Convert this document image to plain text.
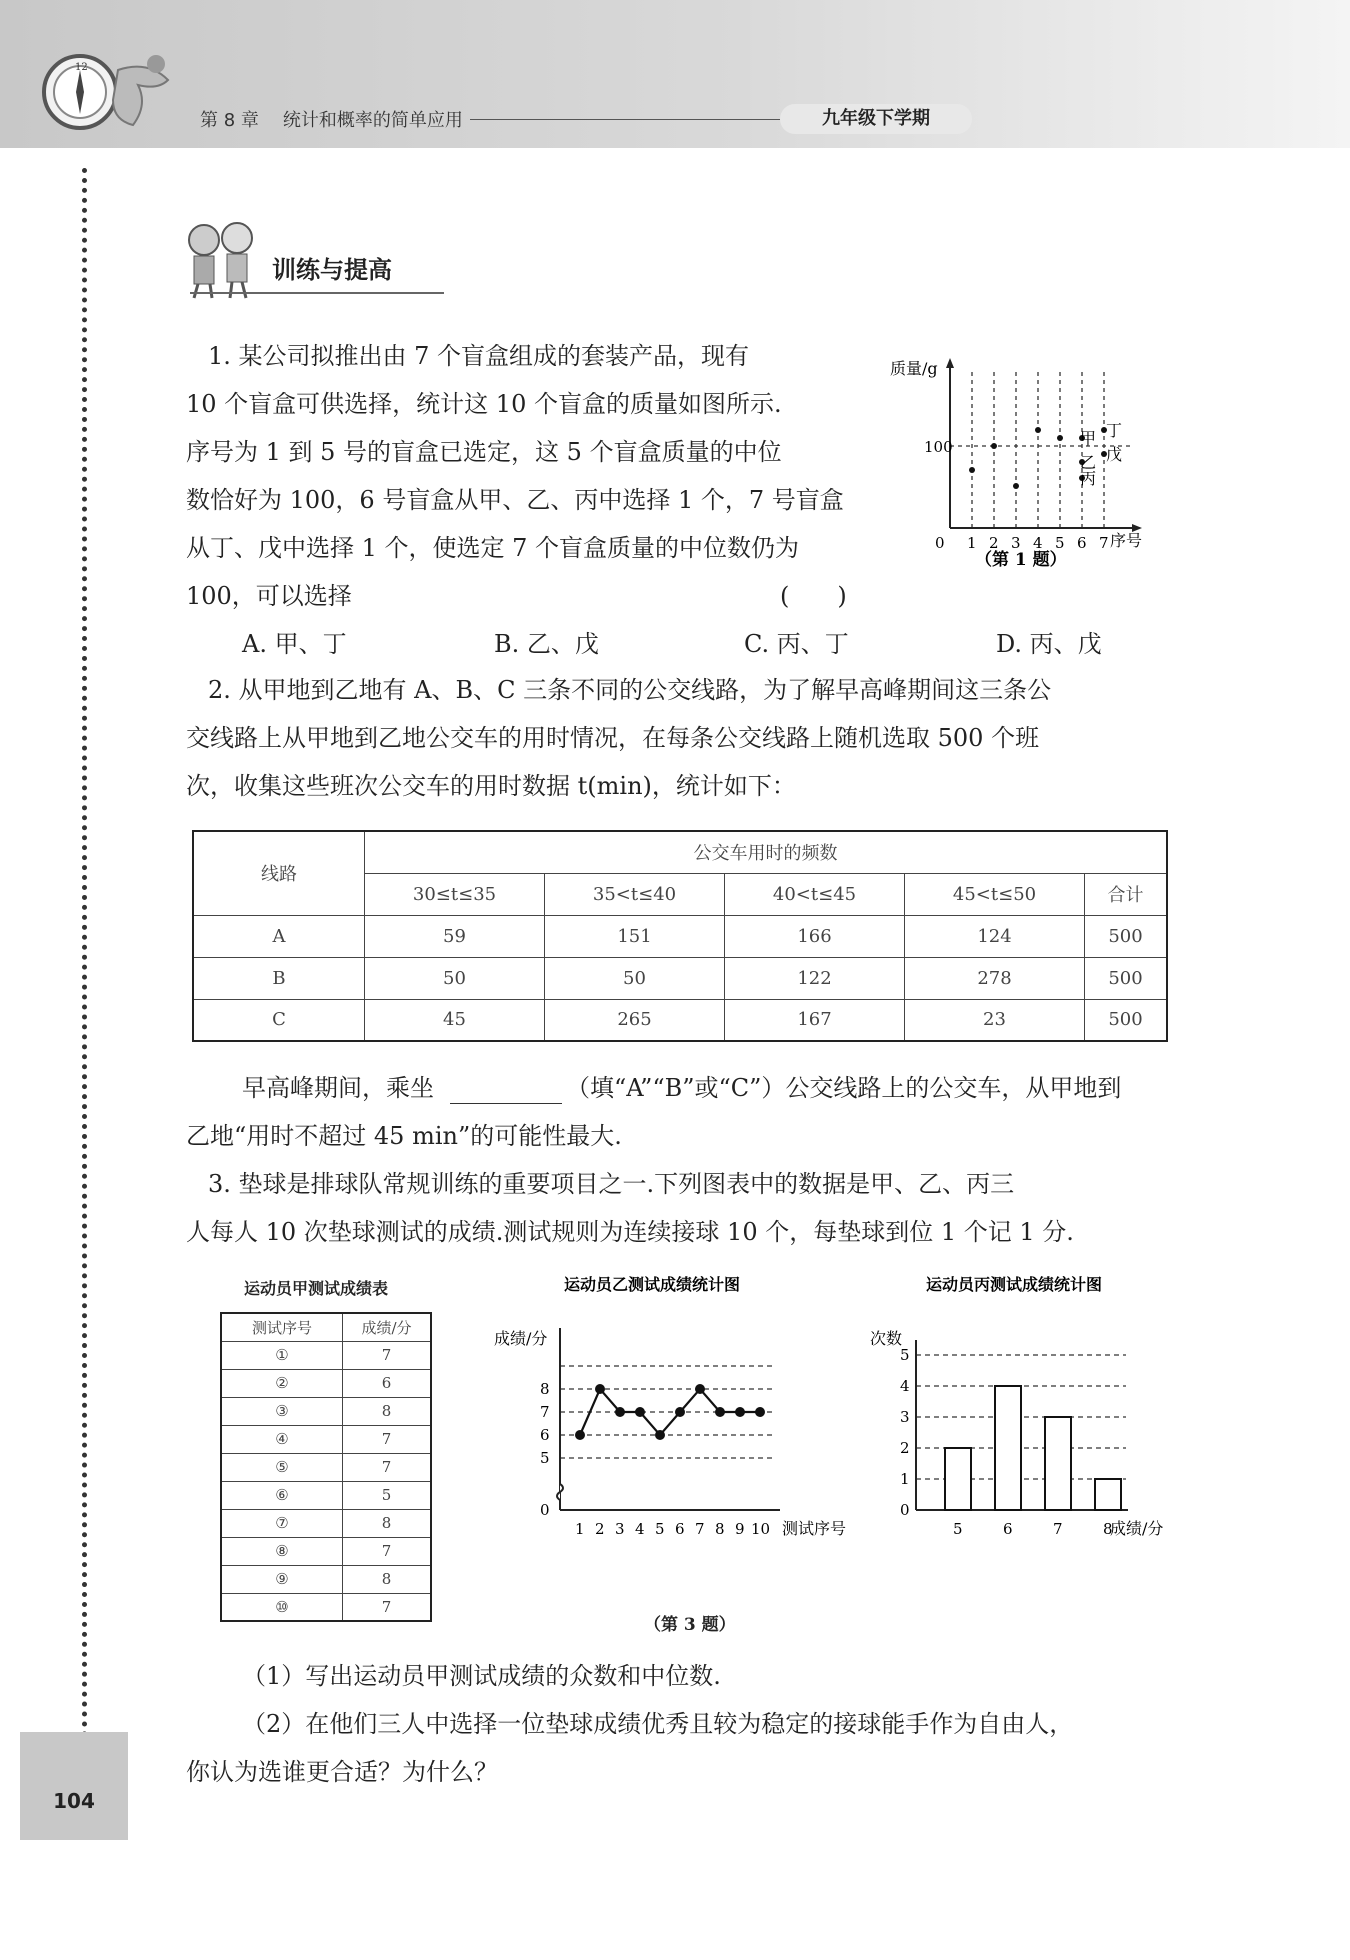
12
第 8 章 统计和概率的简单应用	九年级下学期
104
训练与提高
1. 某公司拟推出由 7 个盲盒组成的套装产品，现有
10 个盲盒可供选择，统计这 10 个盲盒的质量如图所示.
序号为 1 到 5 号的盲盒已选定，这 5 个盲盒质量的中位
数恰好为 100，6 号盲盒从甲、乙、丙中选择 1 个，7 号盲盒
从丁、戊中选择 1 个，使选定 7 个盲盒质量的中位数仍为
100，可以选择	(　　)
A. 甲、丁	B. 乙、戊	C. 丙、丁	D. 丙、戊
质量/g
100
序号
0 1 2 3 4 5 6 7
甲
乙
丙
丁
戊
（第 1 题）
2. 从甲地到乙地有 A、B、C 三条不同的公交线路，为了解早高峰期间这三条公
交线路上从甲地到乙地公交车的用时情况，在每条公交线路上随机选取 500 个班
次，收集这些班次公交车的用时数据 t(min)，统计如下：
线路	公交车用时的频数				
	30≤t≤35	35<t≤40	40<t≤45	45<t≤50	合计
A	59	151	166	124	500
B	50	50	122	278	500
C	45	265	167	23	500
早高峰期间，乘坐	（填“A”“B”或“C”）公交线路上的公交车，从甲地到
乙地“用时不超过 45 min”的可能性最大.
3. 垫球是排球队常规训练的重要项目之一.下列图表中的数据是甲、乙、丙三
人每人 10 次垫球测试的成绩.测试规则为连续接球 10 个，每垫球到位 1 个记 1 分.
运动员甲测试成绩表
测试序号	成绩/分
①	7
②	6
③	8
④	7
⑤	7
⑥	5
⑦	8
⑧	7
⑨	8
⑩	7
运动员乙测试成绩统计图
成绩/分
测试序号
0
5
6
7
8
1 2 3 4 5 6 7 8 9 10
运动员丙测试成绩统计图
次数
成绩/分
0
1
2
3
4
5
5	6	7	8
（第 3 题）
（1）写出运动员甲测试成绩的众数和中位数.
（2）在他们三人中选择一位垫球成绩优秀且较为稳定的接球能手作为自由人，
你认为选谁更合适？为什么？
